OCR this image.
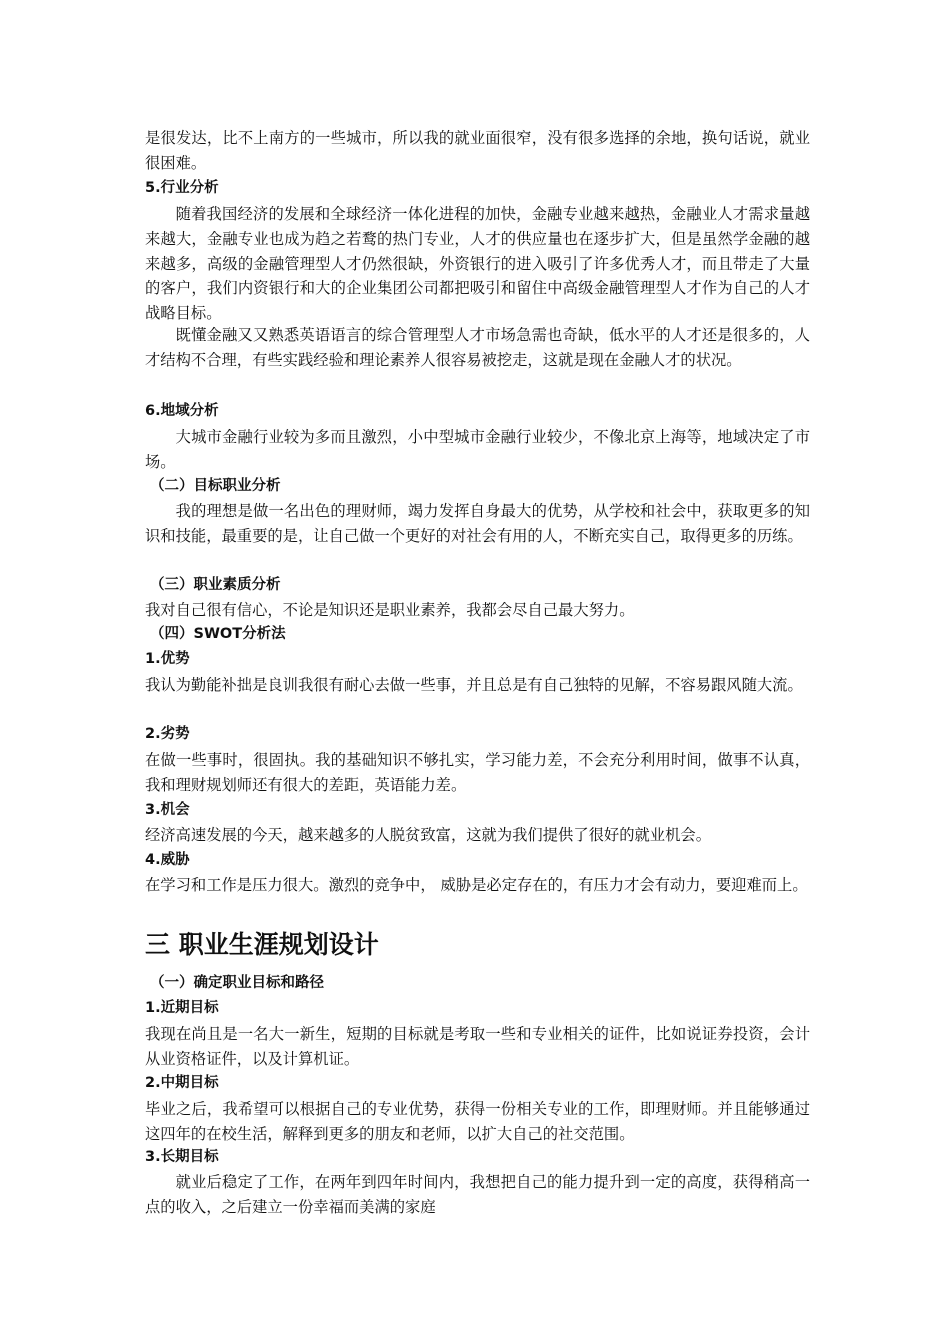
是很发达，比不上南方的一些城市，所以我的就业面很窄，没有很多选择的余地，换句话说，就业很困难。
5.行业分析
随着我国经济的发展和全球经济一体化进程的加快，金融专业越来越热，金融业人才需求量越来越大，金融专业也成为趋之若鹜的热门专业，人才的供应量也在逐步扩大，但是虽然学金融的越来越多，高级的金融管理型人才仍然很缺，外资银行的进入吸引了许多优秀人才，而且带走了大量的客户，我们内资银行和大的企业集团公司都把吸引和留住中高级金融管理型人才作为自己的人才战略目标。
既懂金融又又熟悉英语语言的综合管理型人才市场急需也奇缺，低水平的人才还是很多的，人才结构不合理，有些实践经验和理论素养人很容易被挖走，这就是现在金融人才的状况。
6.地域分析
大城市金融行业较为多而且激烈，小中型城市金融行业较少，不像北京上海等，地域决定了市场。
（二）目标职业分析
我的理想是做一名出色的理财师，竭力发挥自身最大的优势，从学校和社会中，获取更多的知识和技能，最重要的是，让自己做一个更好的对社会有用的人，不断充实自己，取得更多的历练。
（三）职业素质分析
我对自己很有信心，不论是知识还是职业素养，我都会尽自己最大努力。
（四）SWOT分析法
1.优势
我认为勤能补拙是良训我很有耐心去做一些事，并且总是有自己独特的见解，不容易跟风随大流。
2.劣势
在做一些事时，很固执。我的基础知识不够扎实，学习能力差，不会充分利用时间，做事不认真，我和理财规划师还有很大的差距，英语能力差。
3.机会
经济高速发展的今天，越来越多的人脱贫致富，这就为我们提供了很好的就业机会。
4.威胁
在学习和工作是压力很大。激烈的竞争中， 威胁是必定存在的，有压力才会有动力，要迎难而上。
三 职业生涯规划设计
（一）确定职业目标和路径
1.近期目标
我现在尚且是一名大一新生，短期的目标就是考取一些和专业相关的证件，比如说证券投资，会计从业资格证件，以及计算机证。
2.中期目标
毕业之后，我希望可以根据自己的专业优势，获得一份相关专业的工作，即理财师。并且能够通过这四年的在校生活，解释到更多的朋友和老师，以扩大自己的社交范围。
3.长期目标
就业后稳定了工作，在两年到四年时间内，我想把自己的能力提升到一定的高度，获得稍高一点的收入，之后建立一份幸福而美满的家庭
